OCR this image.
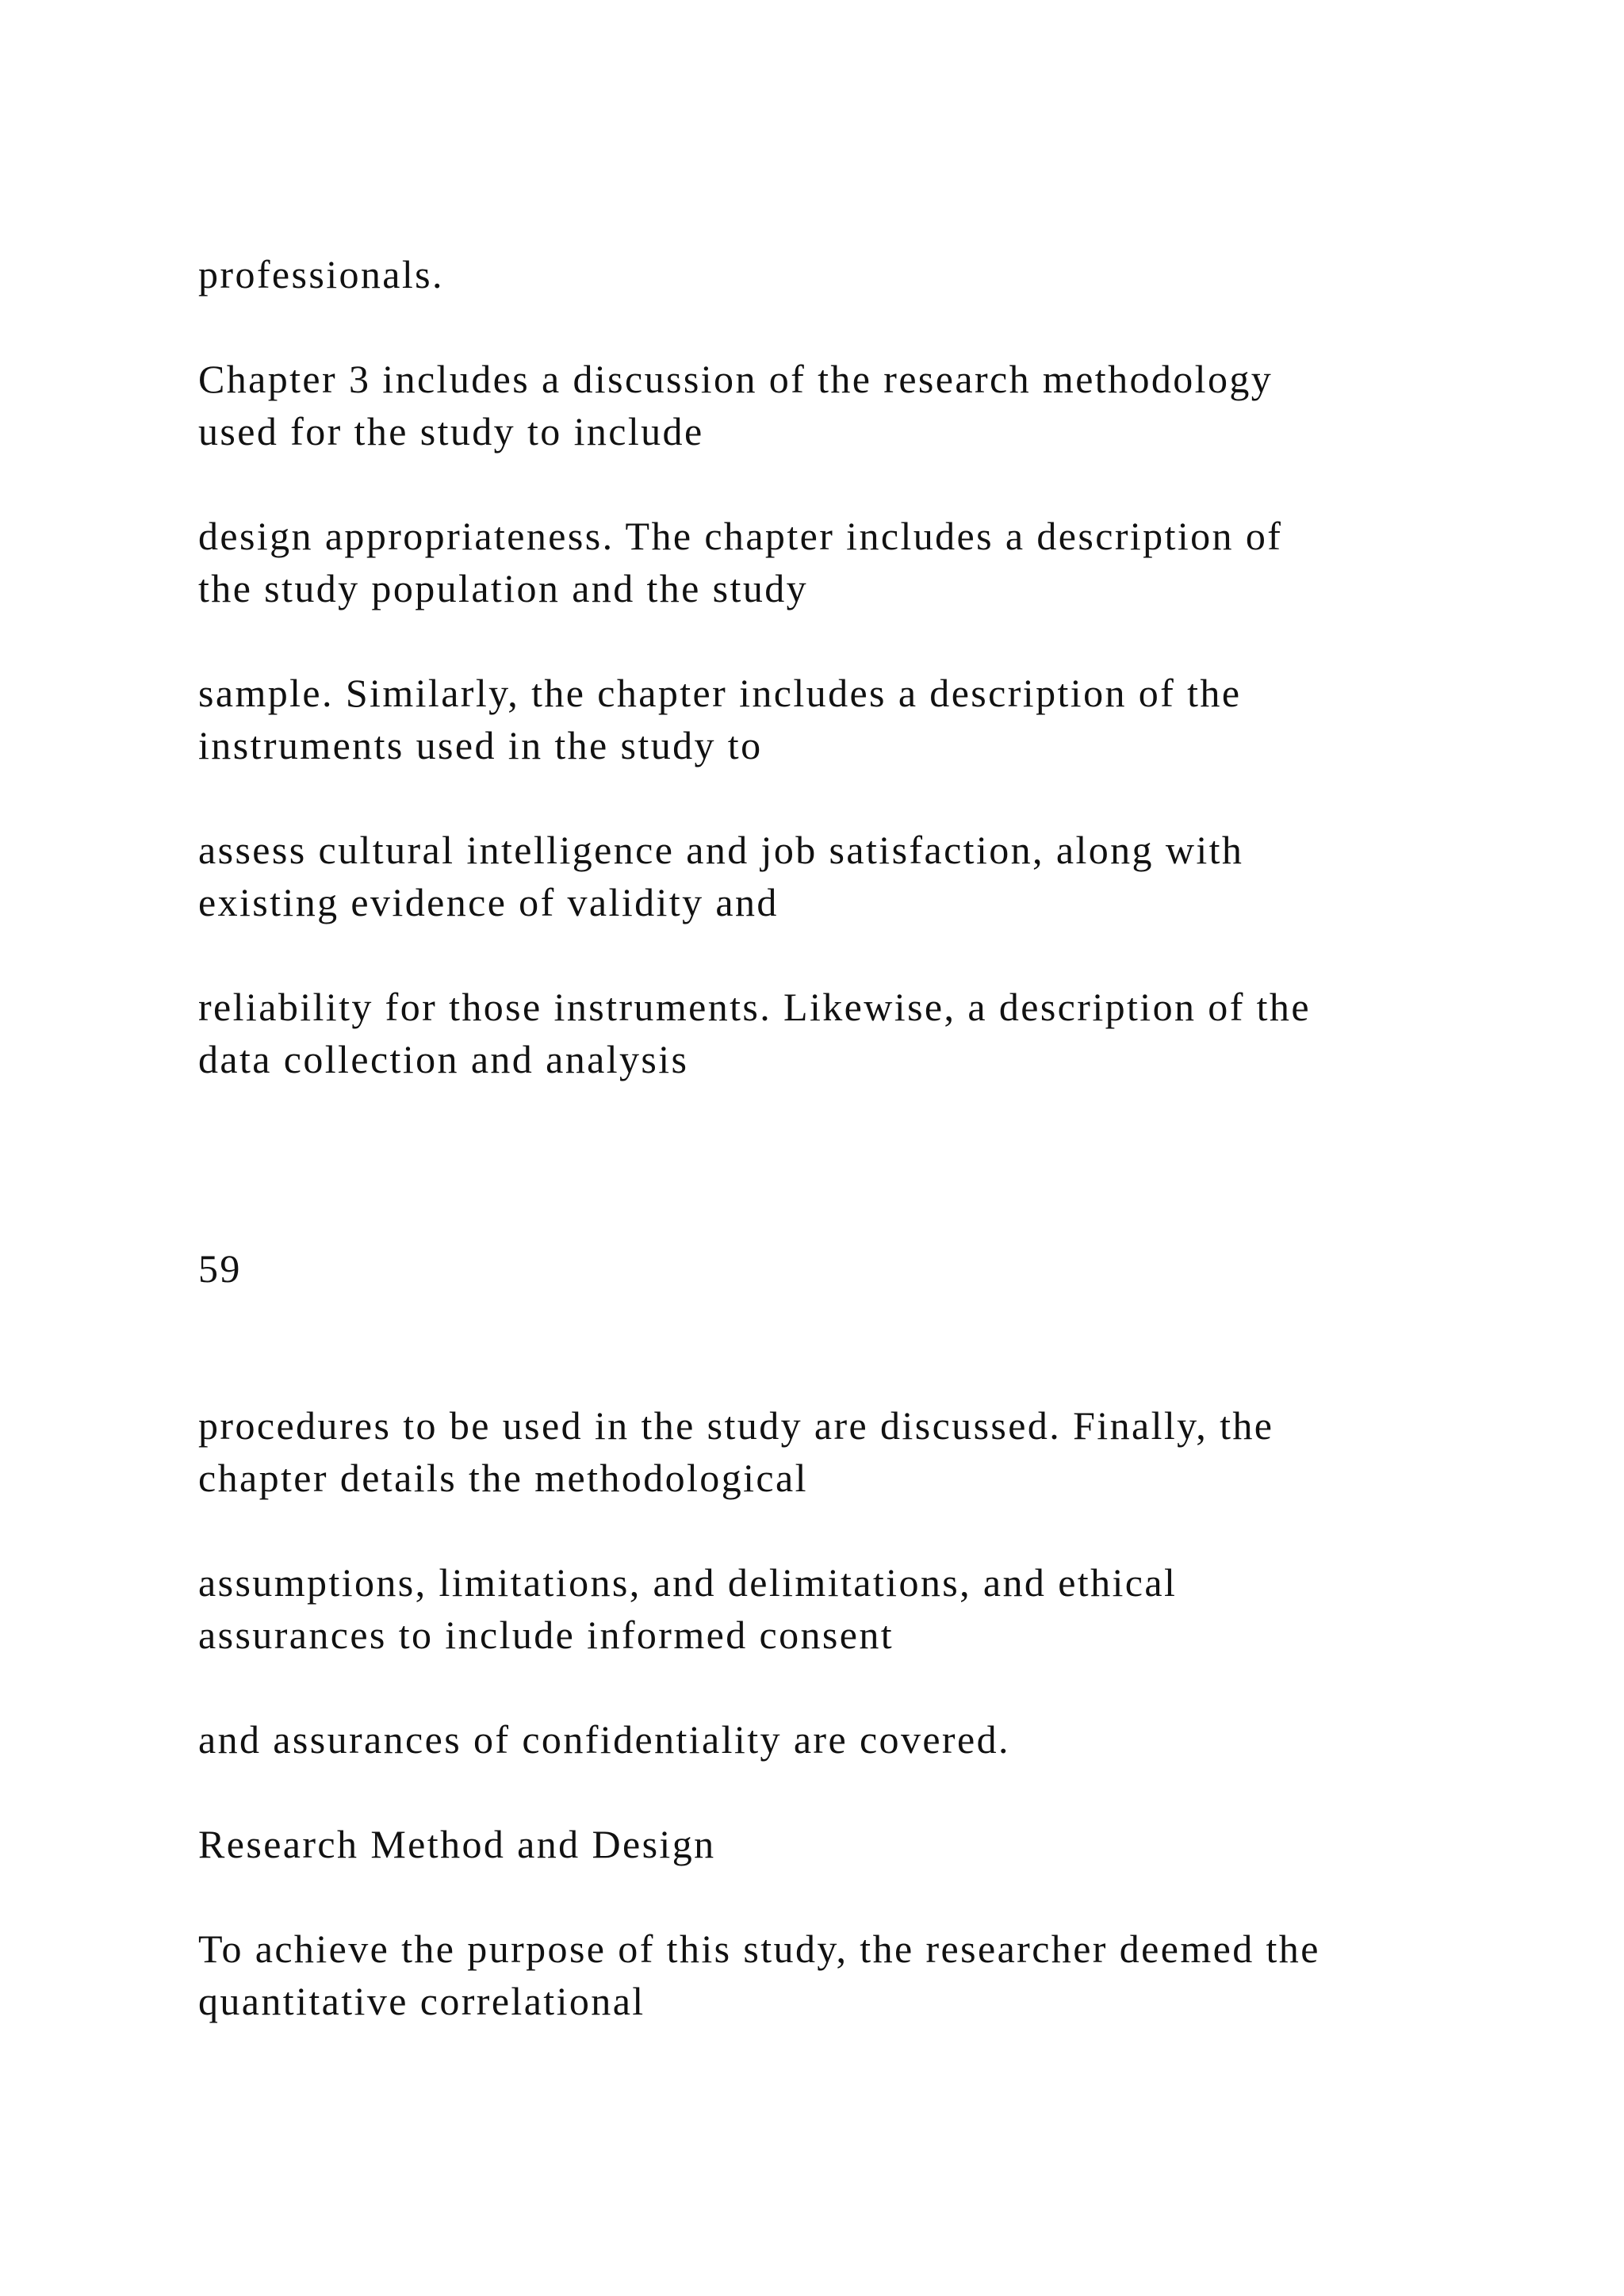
professionals.
Chapter 3 includes a discussion of the research methodology
used for the study to include
design appropriateness. The chapter includes a description of
the study population and the study
sample. Similarly, the chapter includes a description of the
instruments used in the study to
assess cultural intelligence and job satisfaction, along with
existing evidence of validity and
reliability for those instruments. Likewise, a description of the
data collection and analysis
59
procedures to be used in the study are discussed. Finally, the
chapter details the methodological
assumptions, limitations, and delimitations, and ethical
assurances to include informed consent
and assurances of confidentiality are covered.
Research Method and Design
To achieve the purpose of this study, the researcher deemed the
quantitative correlational
